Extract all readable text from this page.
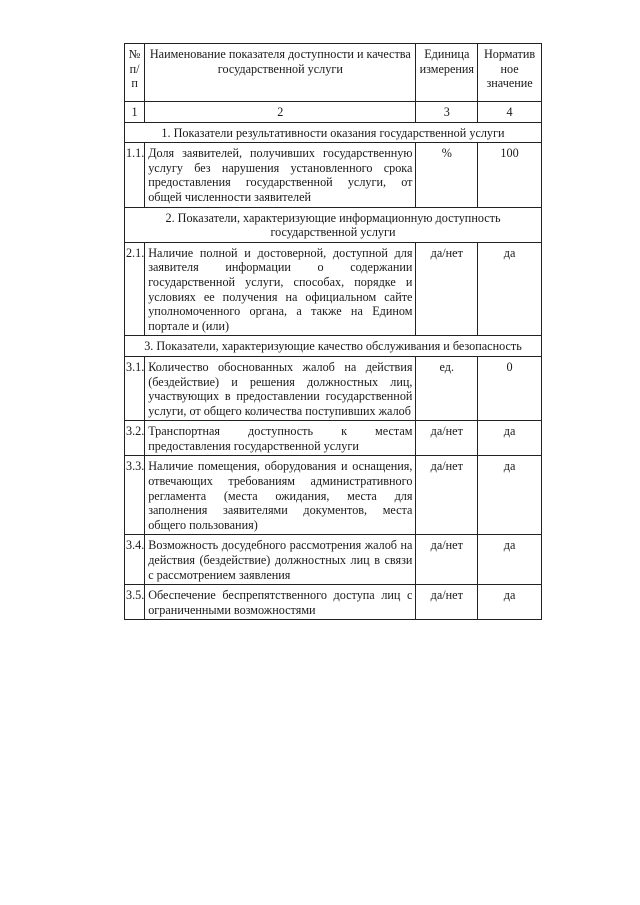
№ п/п	Наименование показателя доступности и качества государственной услуги	Единица измерения	Норматив ное значение
1	2	3	4
1. Показатели результативности оказания государственной услуги			
1.1.	Доля заявителей, получивших государственную услугу без нарушения установленного срока предоставления государственной услуги, от общей численности заявителей	%	100
2. Показатели, характеризующие информационную доступность государственной услуги			
2.1.	Наличие полной и достоверной, доступной для заявителя информации о содержании государственной услуги, способах, порядке и условиях ее получения на официальном сайте уполномоченного органа, а также на Едином портале и (или)	да/нет	да
3. Показатели, характеризующие качество обслуживания и безопасность			
3.1.	Количество обоснованных жалоб на действия (бездействие) и решения должностных лиц, участвующих в предоставлении государственной услуги, от общего количества поступивших жалоб	ед.	0
3.2.	Транспортная доступность к местам предоставления государственной услуги	да/нет	да
3.3.	Наличие помещения, оборудования и оснащения, отвечающих требованиям административного регламента (места ожидания, места для заполнения заявителями документов, места общего пользования)	да/нет	да
3.4.	Возможность досудебного рассмотрения жалоб на действия (бездействие) должностных лиц в связи с рассмотрением заявления	да/нет	да
3.5.	Обеспечение беспрепятственного доступа лиц с ограниченными возможностями	да/нет	да
